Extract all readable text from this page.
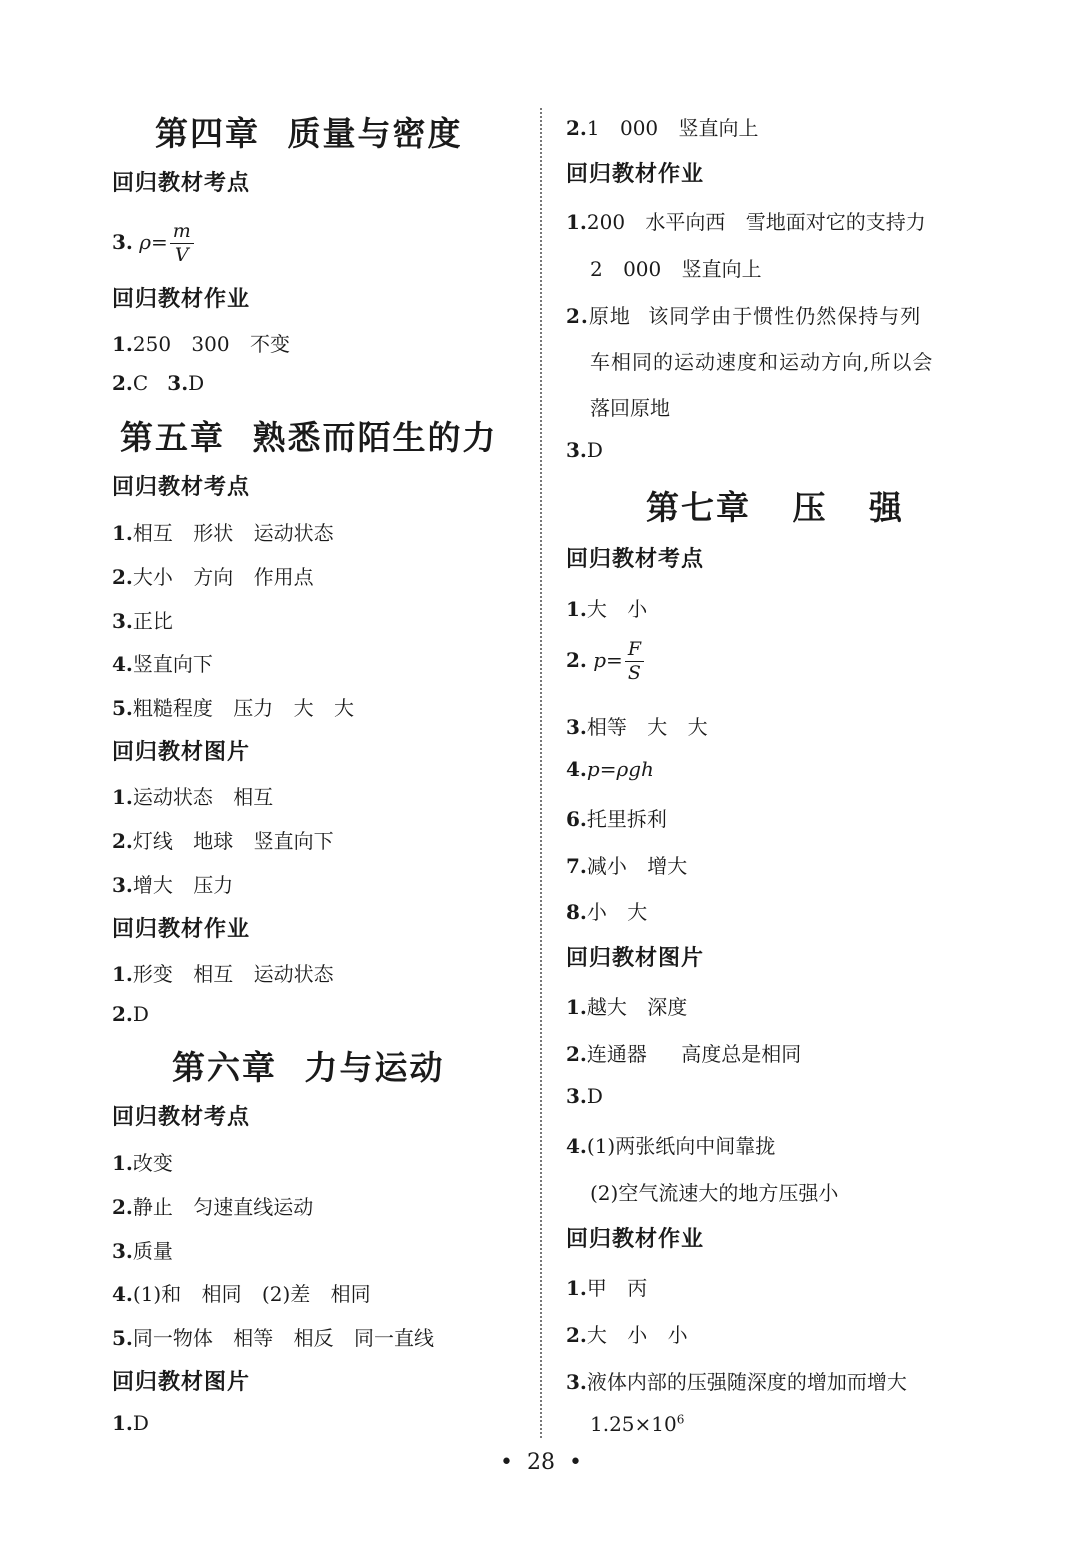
第四章 质量与密度
回归教材考点
3. $\rho= \frac{m}{V}$
回归教材作业
1.250 300 不变
2.C 3.D
第五章 熟悉而陌生的力
回归教材考点
1.相互 形状 运动状态
2.大小 方向 作用点
3.正比
4.竖直向下
5.粗糙程度 压力 大 大
回归教材图片
1.运动状态 相互
2.灯线 地球 竖直向下
3.增大 压力
回归教材作业
1.形变 相互 运动状态
2.D
第六章 力与运动
回归教材考点
1.改变
2.静止 匀速直线运动
3.质量
4.(1)和 相同 (2)差 相同
5.同一物体 相等 相反 同一直线
回归教材图片
1.D
2.1 000 竖直向上
回归教材作业
1.200 水平向西 雪地面对它的支持力
2 000 竖直向上
2.原地 该同学由于惯性仍然保持与列
车相同的运动速度和运动方向,所以会
落回原地
3.D
第七章 压 强
回归教材考点
1.大 小
2. $p= \frac{F}{S}$
3.相等 大 大
4.p=ρgh
6.托里拆利
7.减小 增大
8.小 大
回归教材图片
1.越大 深度
2.连通器 高度总是相同
3.D
4.(1)两张纸向中间靠拢
(2)空气流速大的地方压强小
回归教材作业
1.甲 丙
2.大 小 小
3.液体内部的压强随深度的增加而增大
$1.25\times 10^6$
•  28  •
